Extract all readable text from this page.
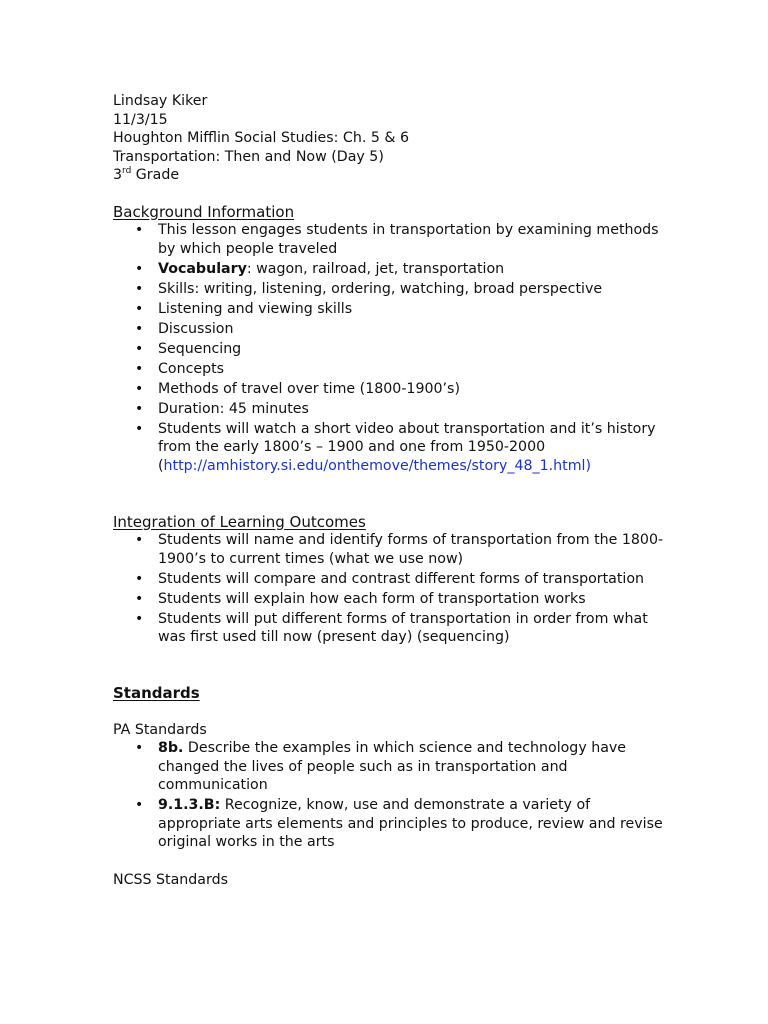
Lindsay Kiker
11/3/15
Houghton Mifflin Social Studies: Ch. 5 & 6
Transportation: Then and Now (Day 5)
3rd Grade
Background Information
• This lesson engages students in transportation by examining methods by which people traveled
• Vocabulary: wagon, railroad, jet, transportation
• Skills: writing, listening, ordering, watching, broad perspective
• Listening and viewing skills
• Discussion
• Sequencing
• Concepts
• Methods of travel over time (1800-1900’s)
• Duration: 45 minutes
• Students will watch a short video about transportation and it’s history from the early 1800’s – 1900 and one from 1950-2000 (http://amhistory.si.edu/onthemove/themes/story_48_1.html)
Integration of Learning Outcomes
• Students will name and identify forms of transportation from the 1800-1900’s to current times (what we use now)
• Students will compare and contrast different forms of transportation
• Students will explain how each form of transportation works
• Students will put different forms of transportation in order from what was first used till now (present day) (sequencing)
Standards
PA Standards
• 8b. Describe the examples in which science and technology have changed the lives of people such as in transportation and communication
• 9.1.3.B: Recognize, know, use and demonstrate a variety of appropriate arts elements and principles to produce, review and revise original works in the arts
NCSS Standards
